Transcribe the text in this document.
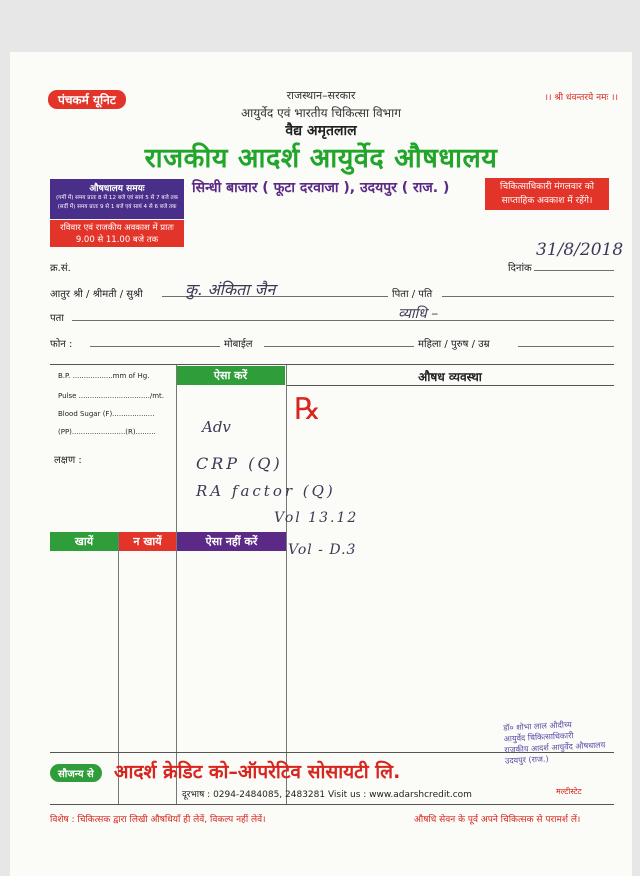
पंचकर्म यूनिट	।। श्री धंवन्तरये नमः ।।
राजस्थान–सरकार
आयुर्वेद एवं भारतीय चिकित्सा विभाग
वैद्य अमृतलाल
राजकीय आदर्श आयुर्वेद औषधालय
औषधालय समयः
(गर्मी में) समय प्रातः 8 से 12 बजे एवं सायं 5 से 7 बजे तक
(सर्दी में) समय प्रातः 9 से 1 बजे एवं सायं 4 से 6 बजे तक
रविवार एवं राजकीय अवकाश में प्रातः 9.00 से 11.00 बजे तक
सिन्धी बाजार ( फूटा दरवाजा ), उदयपुर ( राज. )	चिकित्साधिकारी मंगलवार को साप्ताहिक अवकाश में रहेंगे।
क्र.सं.	दिनांक
31/8/2018
आतुर श्री / श्रीमती / सुश्री	कु. अंकिता जैन	पिता / पति
पता	व्याधि –
फोन :	मोबाईल	महिला / पुरुष / उम्र
ऐसा करें	औषध व्यवस्था
B.P. ..................mm of Hg.
Pulse ................................/mt.
Blood Sugar (F)...................
(PP)........................(R).........
लक्षण :
Adv ℞
CRP (Q)
RA factor (Q)
Vol 13.12
Vol - D.3
खायें	न खायें	ऐसा नहीं करें
डॉ० शोभा लाल औदीच्य
आयुर्वेद चिकित्साधिकारी
राजकीय आदर्श आयुर्वेद औषधालय
उदयपुर (राज.)
सौजन्य से	आदर्श क्रेडिट को–ऑपरेटिव सोसायटी लि.
दूरभाष : 0294-2484085, 2483281 Visit us : www.adarshcredit.com	मल्टीस्टेट
विशेष : चिकित्सक द्वारा लिखी औषधियाँ ही लेवें, विकल्प नहीं लेवें।	औषधि सेवन के पूर्व अपने चिकित्सक से परामर्श लें।
